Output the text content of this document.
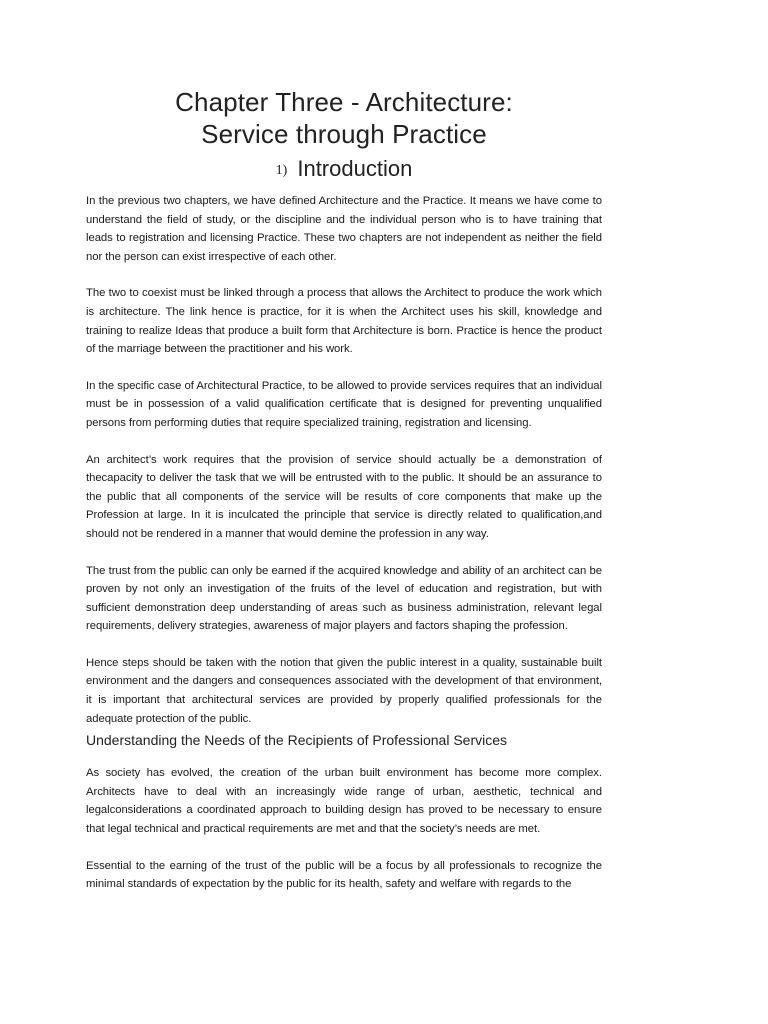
Chapter Three - Architecture:
Service through Practice
1) Introduction

In the previous two chapters, we have defined Architecture and the Practice. It means we have come to understand the field of study, or the discipline and the individual person who is to have training that leads to registration and licensing Practice. These two chapters are not independent as neither the field nor the person can exist irrespective of each other.

The two to coexist must be linked through a process that allows the Architect to produce the work which is architecture. The link hence is practice, for it is when the Architect uses his skill, knowledge and training to realize Ideas that produce a built form that Architecture is born. Practice is hence the product of the marriage between the practitioner and his work.

In the specific case of Architectural Practice, to be allowed to provide services requires that an individual must be in possession of a valid qualification certificate that is designed for preventing unqualified persons from performing duties that require specialized training, registration and licensing.

An architect’s work requires that the provision of service should actually be a demonstration of thecapacity to deliver the task that we will be entrusted with to the public. It should be an assurance to the public that all components of the service will be results of core components that make up the Profession at large. In it is inculcated the principle that service is directly related to qualification,and should not be rendered in a manner that would demine the profession in any way.

The trust from the public can only be earned if the acquired knowledge and ability of an architect can be proven by not only an investigation of the fruits of the level of education and registration, but with sufficient demonstration deep understanding of areas such as business administration, relevant legal requirements, delivery strategies, awareness of major players and factors shaping the profession.

Hence steps should be taken with the notion that given the public interest in a quality, sustainable built environment and the dangers and consequences associated with the development of that environment, it is important that architectural services are provided by properly qualified professionals for the adequate protection of the public.

Understanding the Needs of the Recipients of Professional Services

As society has evolved, the creation of the urban built environment has become more complex. Architects have to deal with an increasingly wide range of urban, aesthetic, technical and legalconsiderations a coordinated approach to building design has proved to be necessary to ensure that legal technical and practical requirements are met and that the society’s needs are met.

Essential to the earning of the trust of the public will be a focus by all professionals to recognize the minimal standards of expectation by the public for its health, safety and welfare with regards to the
